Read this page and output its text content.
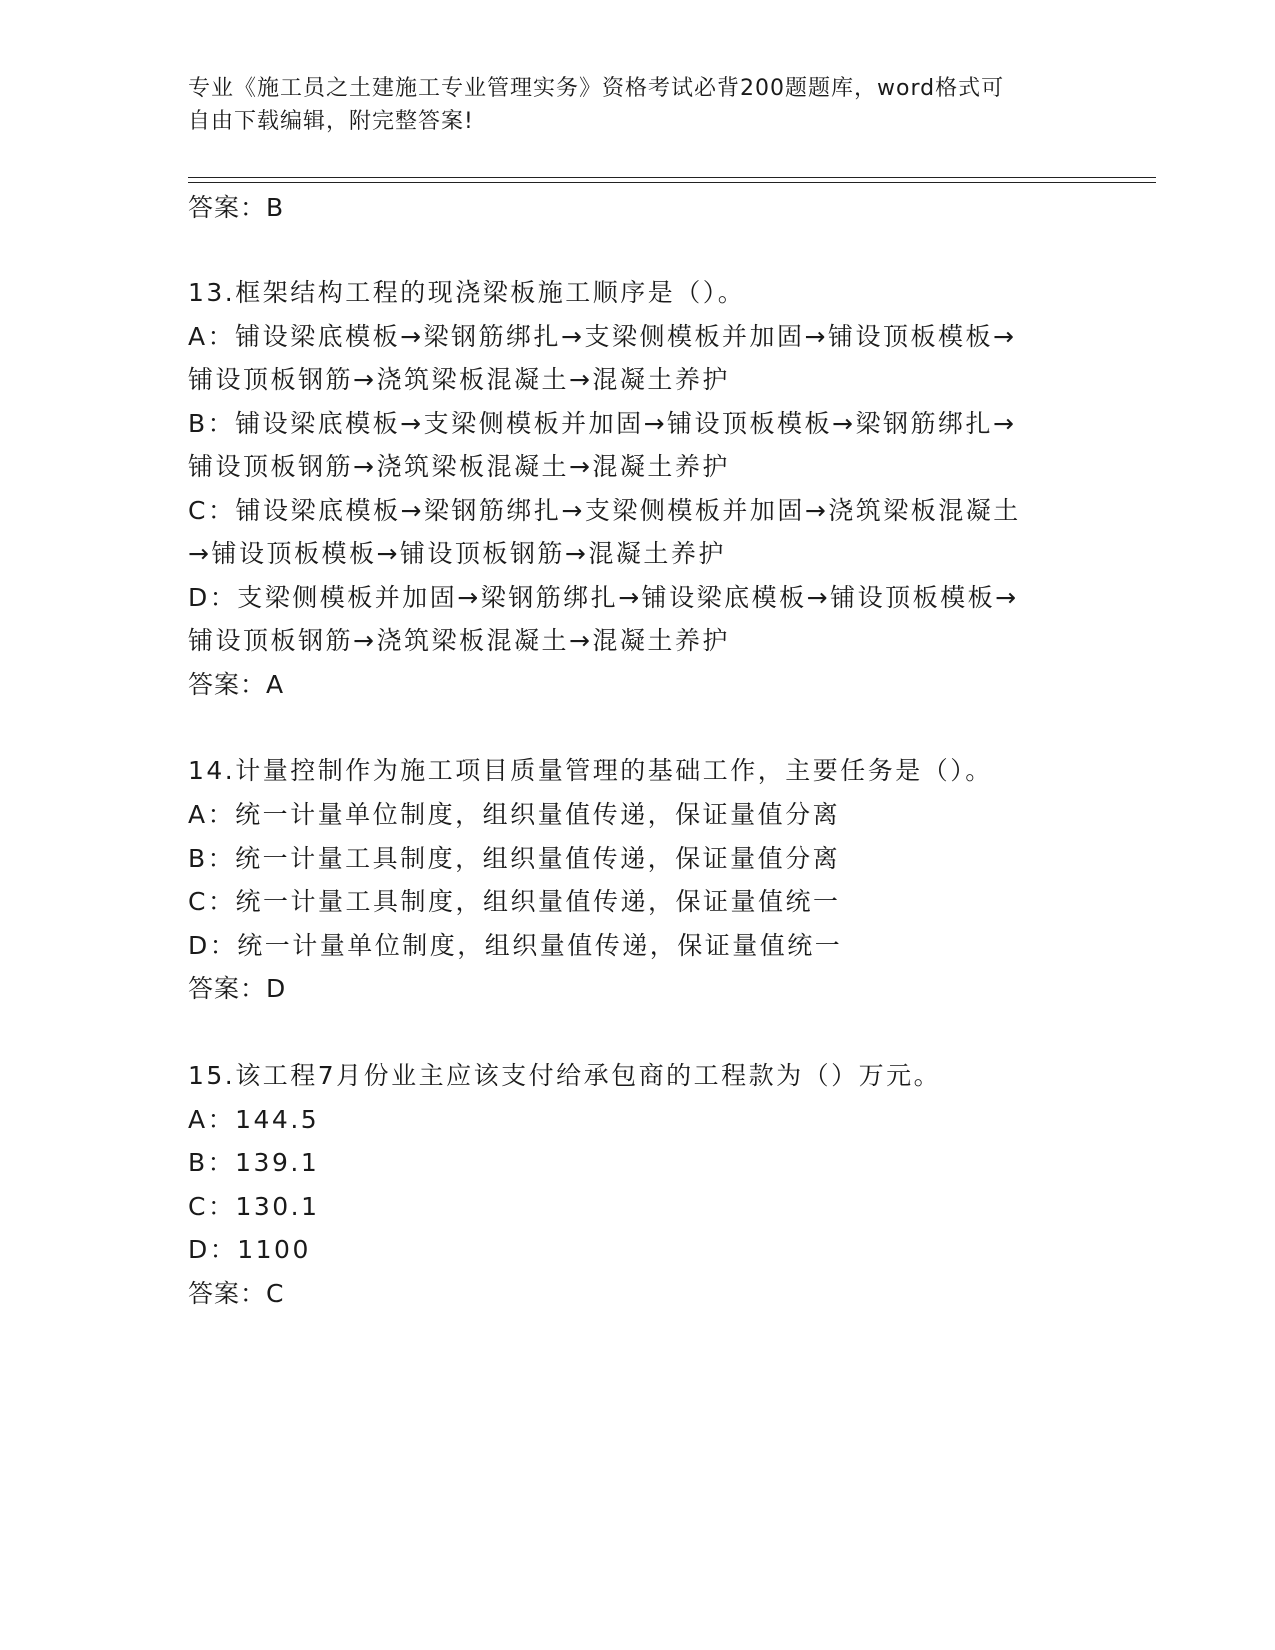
专业《施工员之土建施工专业管理实务》资格考试必背200题题库，word格式可
自由下载编辑，附完整答案!
答案：B
13.框架结构工程的现浇梁板施工顺序是（）。
A：铺设梁底模板→梁钢筋绑扎→支梁侧模板并加固→铺设顶板模板→
铺设顶板钢筋→浇筑梁板混凝土→混凝土养护
B：铺设梁底模板→支梁侧模板并加固→铺设顶板模板→梁钢筋绑扎→
铺设顶板钢筋→浇筑梁板混凝土→混凝土养护
C：铺设梁底模板→梁钢筋绑扎→支梁侧模板并加固→浇筑梁板混凝土
→铺设顶板模板→铺设顶板钢筋→混凝土养护
D：支梁侧模板并加固→梁钢筋绑扎→铺设梁底模板→铺设顶板模板→
铺设顶板钢筋→浇筑梁板混凝土→混凝土养护
答案：A
14.计量控制作为施工项目质量管理的基础工作，主要任务是（）。
A：统一计量单位制度，组织量值传递，保证量值分离
B：统一计量工具制度，组织量值传递，保证量值分离
C：统一计量工具制度，组织量值传递，保证量值统一
D：统一计量单位制度，组织量值传递，保证量值统一
答案：D
15.该工程7月份业主应该支付给承包商的工程款为（）万元。
A：144.5
B：139.1
C：130.1
D：1100
答案：C
